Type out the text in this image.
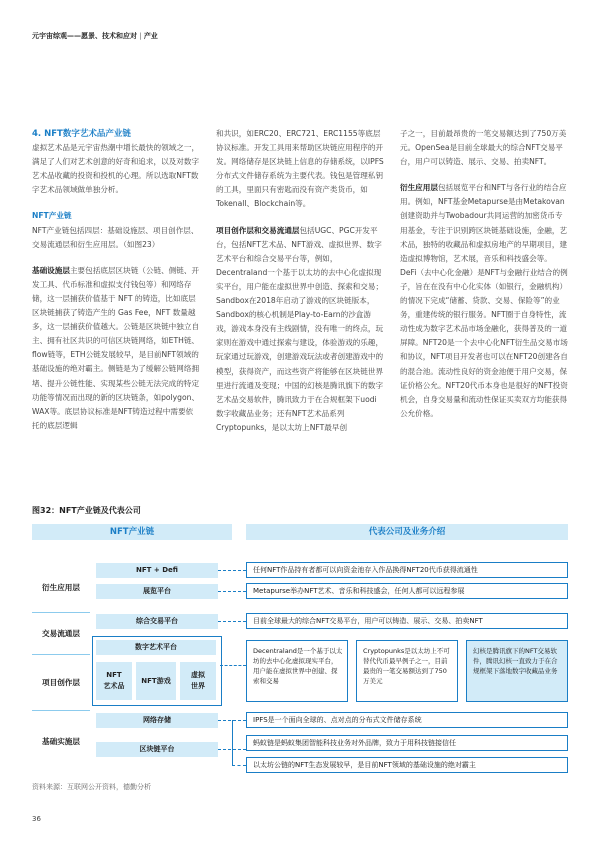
元宇宙综观——愿景、技术和应对 | 产业

4. NFT数字艺术品产业链
虚拟艺术品是元宇宙热潮中增长最快的领域之一，满足了人们对艺术创意的好奇和追求，以及对数字艺术品收藏的投资和投机的心理。所以选取NFT数字艺术品领域做单独分析。

NFT产业链
NFT产业链包括四层：基础设施层、项目创作层、交易流通层和衍生应用层。（如图23）

基础设施层主要包括底层区块链（公链、侧链、开发工具、代币标准和虚拟支付钱包等）和网络存储，这一层捕获价值基于 NFT 的铸造，比如底层区块链捕获了铸造产生的 Gas Fee，NFT 数量越多，这一层捕获价值越大。公链是区块链中独立自主、拥有社区共识的可信区块链网络，如ETH链、flow链等，ETH公链发展较早，是目前NFT领域的基础设施的绝对霸主。侧链是为了缓解公链网络拥堵、提升公链性能、实现某些公链无法完成的特定功能等情况而出现的新的区块链条，如polygon、WAX等。底层协议标准是NFT铸造过程中需要依托的底层逻辑

和共识，如ERC20、ERC721、ERC1155等底层协议标准。开发工具用来帮助区块链应用程序的开发。网络储存是区块链上信息的存储系统，以IPFS分布式文件储存系统为主要代表。钱包是管理私钥的工具，里面只有密匙而没有资产类货币，如Tokenall、Blockchain等。

项目创作层和交易流通层包括UGC、PGC开发平台，包括NFT艺术品、NFT游戏、虚拟世界、数字艺术平台和综合交易平台等，例如，Decentraland一个基于以太坊的去中心化虚拟现实平台，用户能在虚拟世界中创造、探索和交易；Sandbox在2018年启动了游戏的区块链版本，Sandbox的核心机制是Play-to-Earn的沙盒游戏，游戏本身没有主线剧情，没有唯一的终点，玩家则在游戏中通过探索与建设，体验游戏的乐趣，玩家通过玩游戏，创建游戏玩法或者创建游戏中的模型，获得资产，而这些资产将能够在区块链世界里进行流通及变现；中国的幻核是腾讯旗下的数字艺术品交易软件，腾讯致力于在合规框架下uodi数字收藏品业务；还有NFT艺术品系列Cryptopunks，是以太坊上NFT最早创

子之一，目前最昂贵的一笔交易额达到了750万美元。OpenSea是目前全球最大的综合NFT交易平台，用户可以铸造、展示、交易、拍卖NFT。

衍生应用层包括展览平台和NFT与各行业的结合应用。例如，NFT基金Metapurse是由Metakovan创建资助并与Twobadour共同运营的加密货币专用基金，专注于识别跨区块链基础设施，金融，艺术品，独特的收藏品和虚拟房地产的早期项目，建造虚拟博物馆，艺术展，音乐和科技盛会等。DeFi（去中心化金融）是NFT与金融行业结合的例子，旨在在没有中心化实体（如银行，金融机构）的情况下完成“储蓄、贷款、交易、保险等”的业务，重建传统的银行服务。NFT圈于自身特性，流动性成为数字艺术品市场金融化，获得普及的一道屏障。NFT20是一个去中心化NFT衍生品交易市场和协议，NFT项目开发者也可以在NFT20创建各自的混合池。流动性良好的资金池便于用户交易，保证价格公允。NFT20代币本身也是很好的NFT投资机会，自身交易量和流动性保证买卖双方均能获得公允价格。

图32：NFT产业链及代表公司
NFT产业链	代表公司及业务介绍
衍生应用层
交易流通层
项目创作层
基础实施层
NFT + Defi
展览平台
综合交易平台
数字艺术平台
NFT
艺术品
NFT游戏
虚拟
世界
网络存储
区块链平台
任何NFT作品持有者都可以向资金池存入作品换得NFT20代币获得流通性
Metapurse举办NFT艺术、音乐和科技盛会，任何人都可以远程参展
目前全球最大的综合NFT交易平台，用户可以铸造、展示、交易、拍卖NFT
Decentraland是一个基于以太坊的去中心化虚拟现实平台，用户能在虚拟世界中创建、探索和交易
Cryptopunks是以太坊上不可替代代币最早例子之一，目前最贵的一笔交易额达到了750万美元
幻核是腾讯旗下的NFT交易软件，腾讯幻核一直致力于在合规框架下落地数字收藏品业务
IPFS是一个面向全球的、点对点的分布式文件储存系统
蚂蚁链是蚂蚁集团智能科技业务对外品牌，致力于用科技链接信任
以太坊公链的NFT生态发展较早，是目前NFT领域的基础设施的绝对霸主
资料来源：互联网公开资料，德勤分析
36
